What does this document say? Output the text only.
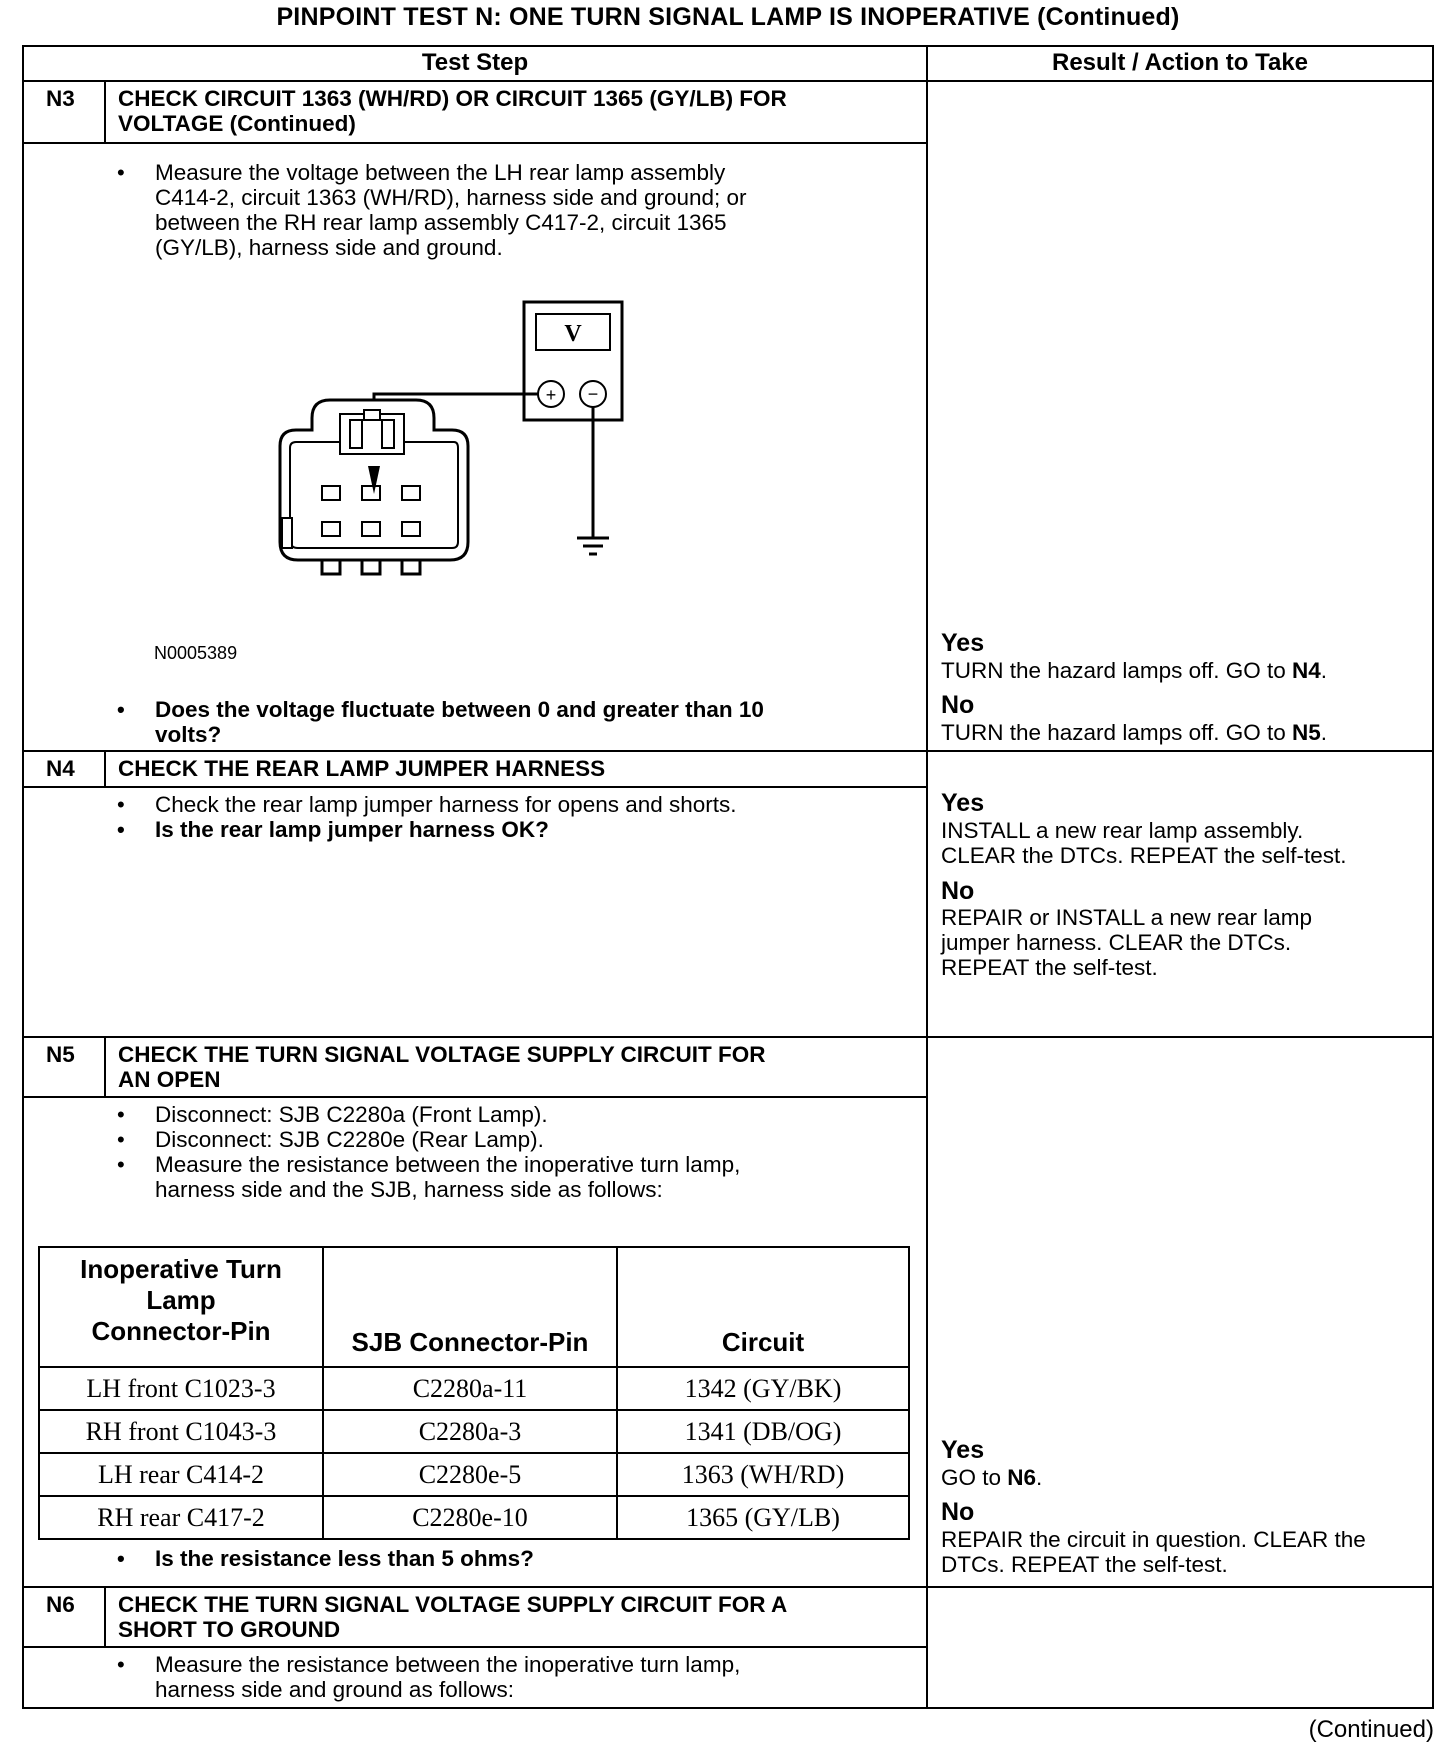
PINPOINT TEST N: ONE TURN SIGNAL LAMP IS INOPERATIVE (Continued)
Test Step	Result / Action to Take
N3 CHECK CIRCUIT 1363 (WH/RD) OR CIRCUIT 1365 (GY/LB) FOR
VOLTAGE (Continued)
• Measure the voltage between the LH rear lamp assembly
C414-2, circuit 1363 (WH/RD), harness side and ground; or
between the RH rear lamp assembly C417-2, circuit 1365
(GY/LB), harness side and ground.
V
+ −
N0005389
• Does the voltage fluctuate between 0 and greater than 10
volts?
Yes
TURN the hazard lamps off. GO to N4.
No
TURN the hazard lamps off. GO to N5.
N4 CHECK THE REAR LAMP JUMPER HARNESS
• Check the rear lamp jumper harness for opens and shorts.
• Is the rear lamp jumper harness OK?
Yes
INSTALL a new rear lamp assembly.
CLEAR the DTCs. REPEAT the self-test.
No
REPAIR or INSTALL a new rear lamp
jumper harness. CLEAR the DTCs.
REPEAT the self-test.
N5 CHECK THE TURN SIGNAL VOLTAGE SUPPLY CIRCUIT FOR
AN OPEN
• Disconnect: SJB C2280a (Front Lamp).
• Disconnect: SJB C2280e (Rear Lamp).
• Measure the resistance between the inoperative turn lamp,
harness side and the SJB, harness side as follows:
Inoperative Turn
Lamp
Connector-Pin	SJB Connector-Pin	Circuit
LH front C1023-3	C2280a-11	1342 (GY/BK)
RH front C1043-3	C2280a-3	1341 (DB/OG)
LH rear C414-2	C2280e-5	1363 (WH/RD)
RH rear C417-2	C2280e-10	1365 (GY/LB)
• Is the resistance less than 5 ohms?
Yes
GO to N6.
No
REPAIR the circuit in question. CLEAR the
DTCs. REPEAT the self-test.
N6 CHECK THE TURN SIGNAL VOLTAGE SUPPLY CIRCUIT FOR A
SHORT TO GROUND
• Measure the resistance between the inoperative turn lamp,
harness side and ground as follows:
(Continued)
